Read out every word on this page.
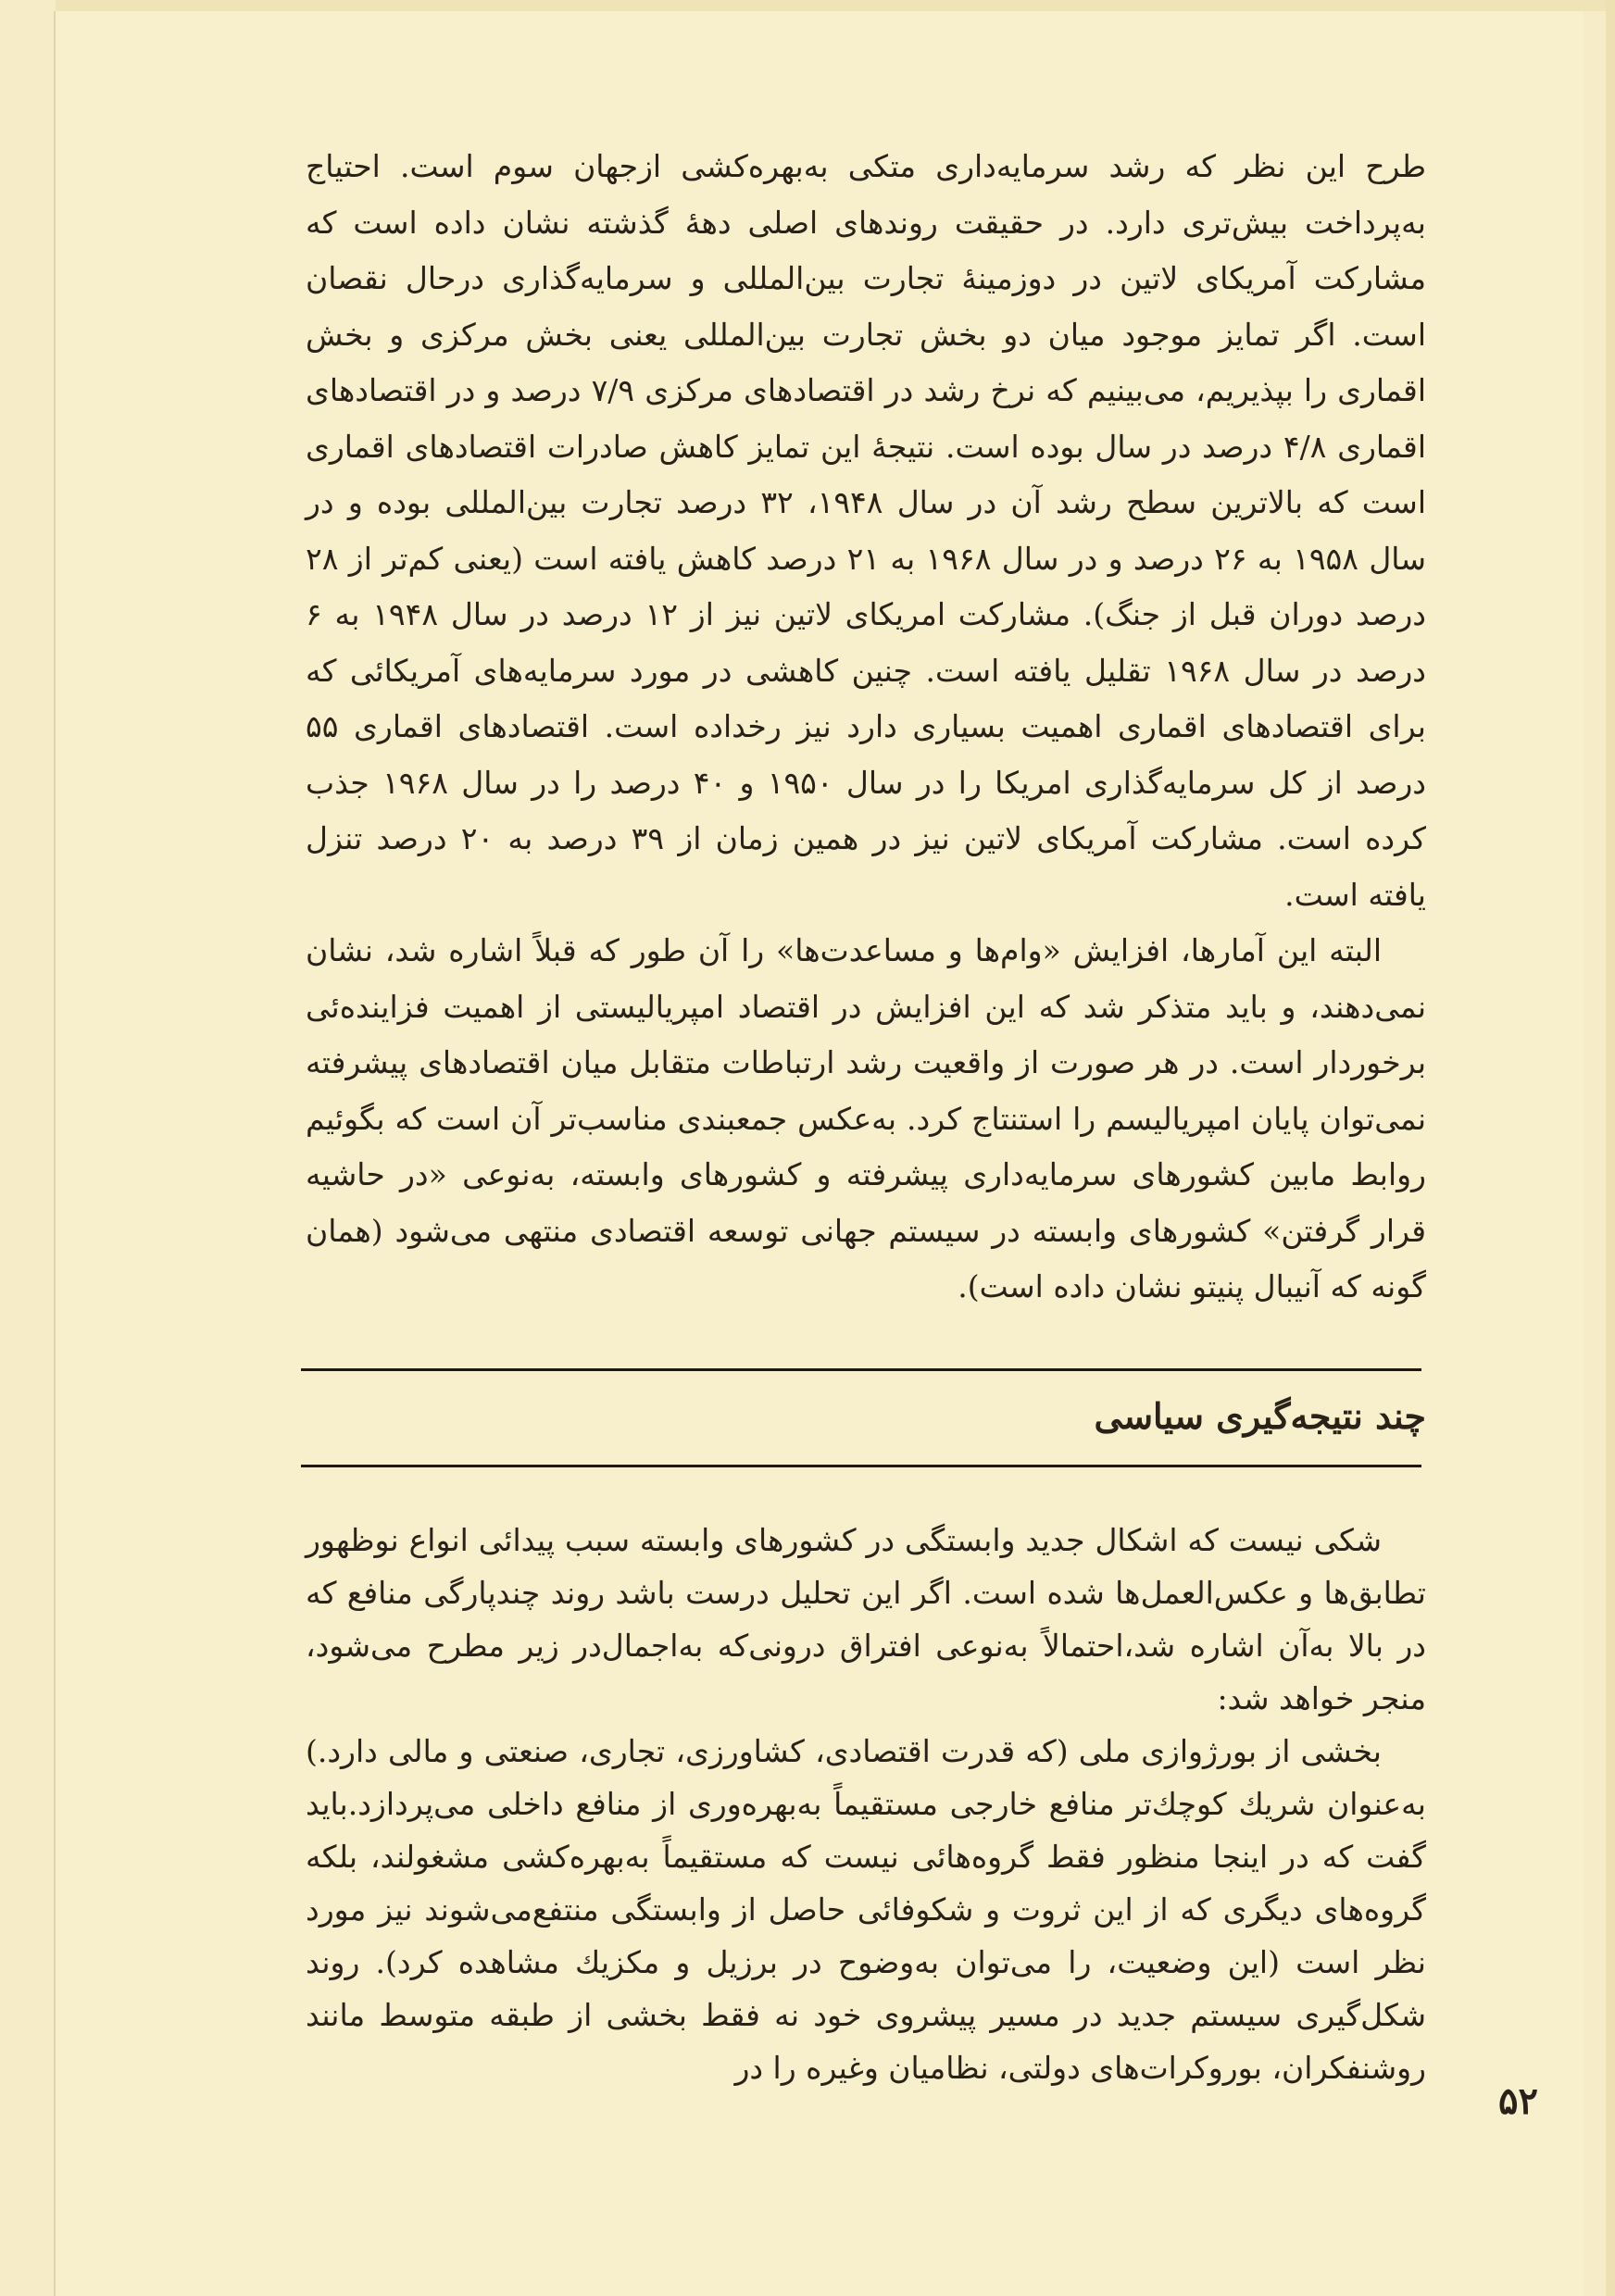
طرح این نظر که رشد سرمایه‌داری متکی به‌بهره‌کشی ازجهان سوم است. احتیاج به‌پرداخت بیش‌تری دارد. در حقیقت روندهای اصلی دههٔ گذشته نشان داده است که مشارکت آمریکای لاتین در دوزمینهٔ تجارت بین‌المللی و سرمایه‌گذاری درحال نقصان است. اگر تمایز موجود میان دو بخش تجارت بین‌المللی یعنی بخش مرکزی و بخش اقماری را بپذیریم، می‌بینیم که نرخ رشد در اقتصادهای مرکزی ۷/۹ درصد و در اقتصادهای اقماری ۴/۸ درصد در سال بوده است. نتیجهٔ این تمایز کاهش صادرات اقتصادهای اقماری است که بالاترین سطح رشد آن در سال ۱۹۴۸، ۳۲ درصد تجارت بین‌المللی بوده و در سال ۱۹۵۸ به ۲۶ درصد و در سال ۱۹۶۸ به ۲۱ درصد کاهش یافته است (یعنی کم‌تر از ۲۸ درصد دوران قبل از جنگ). مشارکت امریکای لاتین نیز از ۱۲ درصد در سال ۱۹۴۸ به ۶ درصد در سال ۱۹۶۸ تقلیل یافته است. چنین کاهشی در مورد سرمایه‌های آمریکائی که برای اقتصادهای اقماری اهمیت بسیاری دارد نیز رخداده است. اقتصادهای اقماری ۵۵ درصد از کل سرمایه‌گذاری امریکا را در سال ۱۹۵۰ و ۴۰ درصد را در سال ۱۹۶۸ جذب کرده است. مشارکت آمریکای لاتین نیز در همین زمان از ۳۹ درصد به ۲۰ درصد تنزل یافته است.

البته این آمارها، افزایش «وام‌ها و مساعدت‌ها» را آن طور که قبلاً اشاره شد، نشان نمی‌دهند، و باید متذکر شد که این افزایش در اقتصاد امپریالیستی از اهمیت فزاینده‌ئی برخوردار است. در هر صورت از واقعیت رشد ارتباطات متقابل میان اقتصادهای پیشرفته نمی‌توان پایان امپریالیسم را استنتاج کرد. به‌عکس جمعبندی مناسب‌تر آن است که بگوئیم روابط مابین کشورهای سرمایه‌داری پیشرفته و کشورهای وابسته، به‌نوعی «در حاشیه قرار گرفتن» کشورهای وابسته در سیستم جهانی توسعه اقتصادی منتهی می‌شود (همان گونه که آنیبال پنیتو نشان داده است).

چند نتیجه‌گیری سیاسی

شکی نیست که اشکال جدید وابستگی در کشورهای وابسته سبب پیدائی انواع نوظهور تطابق‌ها و عکس‌العمل‌ها شده است. اگر این تحلیل درست باشد روند چندپارگی منافع که در بالا به‌آن اشاره شد،احتمالاً به‌نوعی افتراق درونی‌که به‌اجمال‌در زیر مطرح می‌شود، منجر خواهد شد:

بخشی از بورژوازی ملی (که قدرت اقتصادی، کشاورزی، تجاری، صنعتی و مالی دارد.) به‌عنوان شریك کوچك‌تر منافع خارجی مستقیماً به‌بهره‌وری از منافع داخلی می‌پردازد.باید گفت که در اینجا منظور فقط گروه‌هائی نیست که مستقیماً به‌بهره‌کشی مشغولند، بلکه گروه‌های دیگری که از این ثروت و شکوفائی حاصل از وابستگی منتفع‌می‌شوند نیز مورد نظر است (این وضعیت، را می‌توان به‌وضوح در برزیل و مکزیك مشاهده کرد). روند شکل‌گیری سیستم جدید در مسیر پیشروی خود نه فقط بخشی از طبقه متوسط مانند روشنفکران، بوروکرات‌های دولتی، نظامیان وغیره را در

۵۲
